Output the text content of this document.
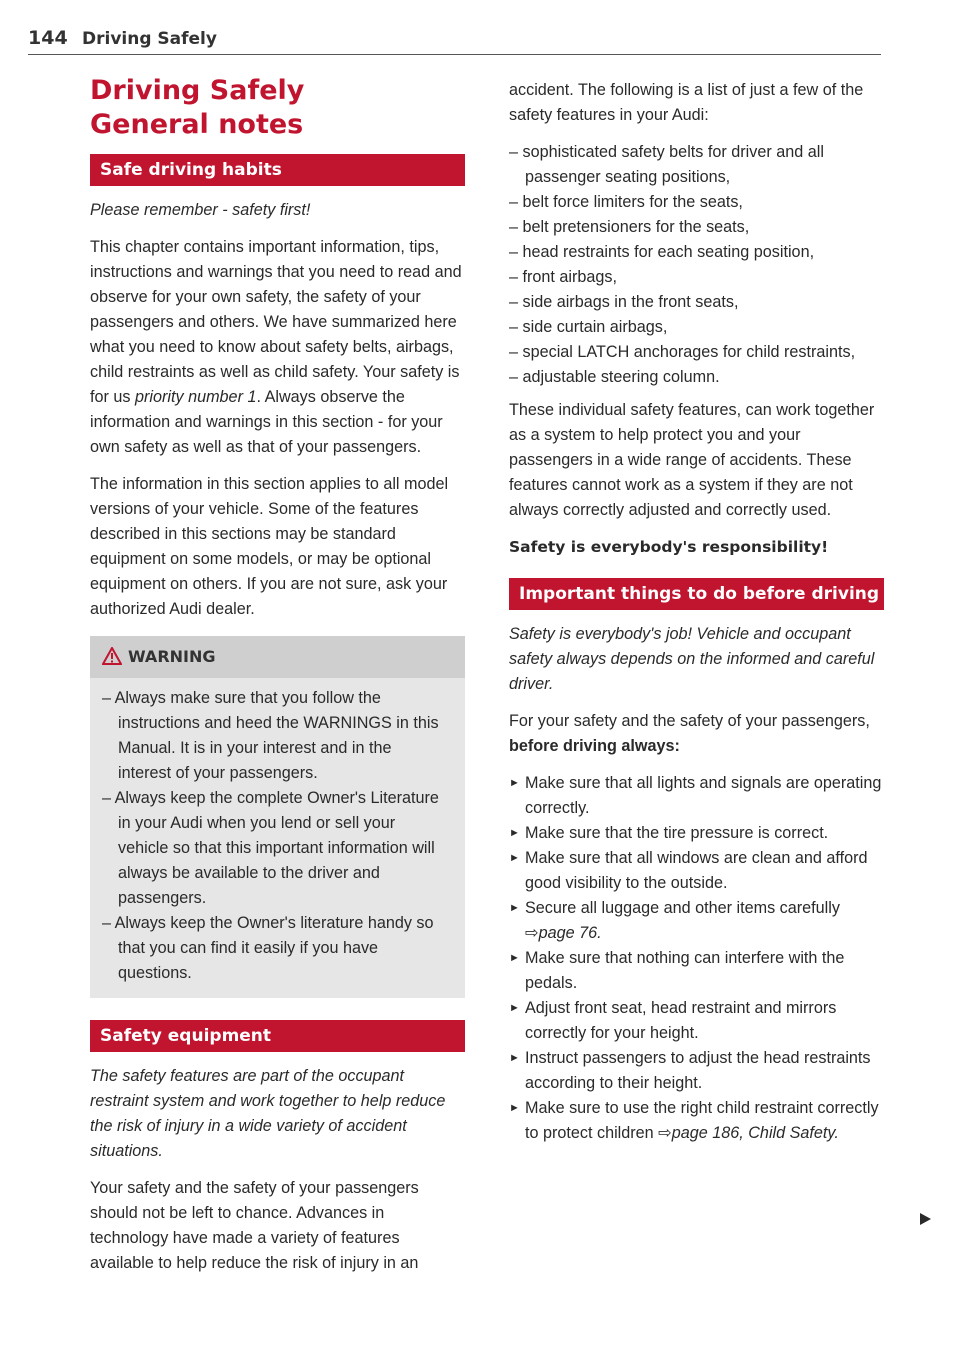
144 Driving Safely
Driving Safely
General notes
Safe driving habits

Please remember - safety first!

This chapter contains important information, tips, instructions and warnings that you need to read and observe for your own safety, the safety of your passengers and others. We have summarized here what you need to know about safety belts, airbags, child restraints as well as child safety. Your safety is for us priority number 1. Always observe the information and warnings in this section - for your own safety as well as that of your passengers.

The information in this section applies to all model versions of your vehicle. Some of the features described in this sections may be standard equipment on some models, or may be optional equipment on others. If you are not sure, ask your authorized Audi dealer.

WARNING
– Always make sure that you follow the instructions and heed the WARNINGS in this Manual. It is in your interest and in the interest of your passengers.
– Always keep the complete Owner's Literature in your Audi when you lend or sell your vehicle so that this important information will always be available to the driver and passengers.
– Always keep the Owner's literature handy so that you can find it easily if you have questions.
Safety equipment

The safety features are part of the occupant restraint system and work together to help reduce the risk of injury in a wide variety of accident situations.

Your safety and the safety of your passengers should not be left to chance. Advances in technology have made a variety of features available to help reduce the risk of injury in an

accident. The following is a list of just a few of the safety features in your Audi:

– sophisticated safety belts for driver and all passenger seating positions,
– belt force limiters for the seats,
– belt pretensioners for the seats,
– head restraints for each seating position,
– front airbags,
– side airbags in the front seats,
– side curtain airbags,
– special LATCH anchorages for child restraints,
– adjustable steering column.

These individual safety features, can work together as a system to help protect you and your passengers in a wide range of accidents. These features cannot work as a system if they are not always correctly adjusted and correctly used.

Safety is everybody's responsibility!

Important things to do before driving

Safety is everybody's job! Vehicle and occupant safety always depends on the informed and careful driver.

For your safety and the safety of your passengers, before driving always:

► Make sure that all lights and signals are operating correctly.
► Make sure that the tire pressure is correct.
► Make sure that all windows are clean and afford good visibility to the outside.
► Secure all luggage and other items carefully ⇨page 76.
► Make sure that nothing can interfere with the pedals.
► Adjust front seat, head restraint and mirrors correctly for your height.
► Instruct passengers to adjust the head restraints according to their height.
► Make sure to use the right child restraint correctly to protect children ⇨page 186, Child Safety.
